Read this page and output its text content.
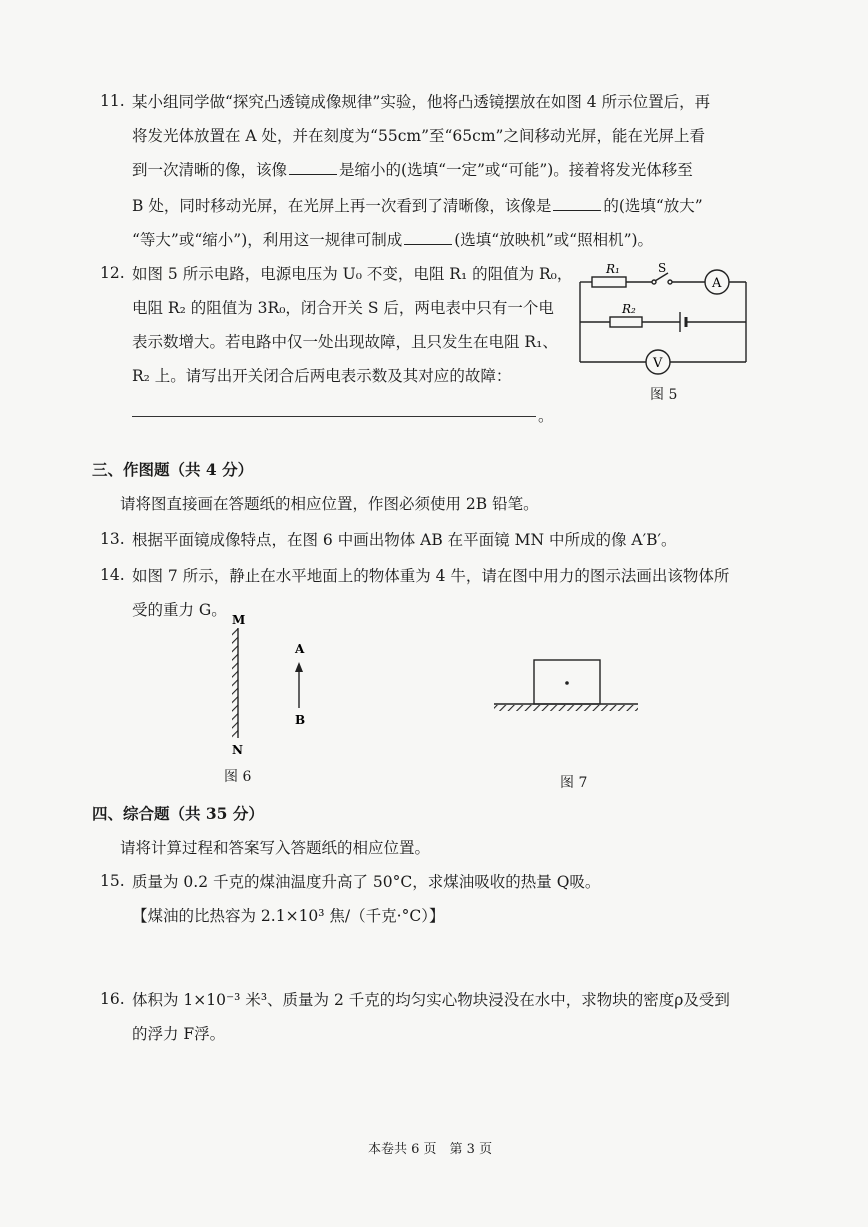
11. 某小组同学做“探究凸透镜成像规律”实验，他将凸透镜摆放在如图 4 所示位置后，再
将发光体放置在 A 处，并在刻度为“55cm”至“65cm”之间移动光屏，能在光屏上看
到一次清晰的像，该像	是缩小的(选填“一定”或“可能”)。接着将发光体移至
B 处，同时移动光屏，在光屏上再一次看到了清晰像，该像是	的(选填“放大”
“等大”或“缩小”)，利用这一规律可制成	(选填“放映机”或“照相机”)。
12. 如图 5 所示电路，电源电压为 U₀ 不变，电阻 R₁ 的阻值为 R₀，
电阻 R₂ 的阻值为 3R₀，闭合开关 S 后，两电表中只有一个电
表示数增大。若电路中仅一处出现故障，且只发生在电阻 R₁、
R₂ 上。请写出开关闭合后两电表示数及其对应的故障：
。
R₁
R₂
S
A
V
图 5
三、作图题（共 4 分）
请将图直接画在答题纸的相应位置，作图必须使用 2B 铅笔。
13. 根据平面镜成像特点，在图 6 中画出物体 AB 在平面镜 MN 中所成的像 A′B′。
14. 如图 7 所示，静止在水平地面上的物体重为 4 牛，请在图中用力的图示法画出该物体所
受的重力 G。
M
N
A
B
图 6	图 7
四、综合题（共 35 分）
请将计算过程和答案写入答题纸的相应位置。
15. 质量为 0.2 千克的煤油温度升高了 50°C，求煤油吸收的热量 Q吸。
【煤油的比热容为 2.1×10³ 焦/（千克·°C）】
16. 体积为 1×10⁻³ 米³、质量为 2 千克的均匀实心物块浸没在水中，求物块的密度ρ及受到
的浮力 F浮。
本卷共 6 页　第 3 页
